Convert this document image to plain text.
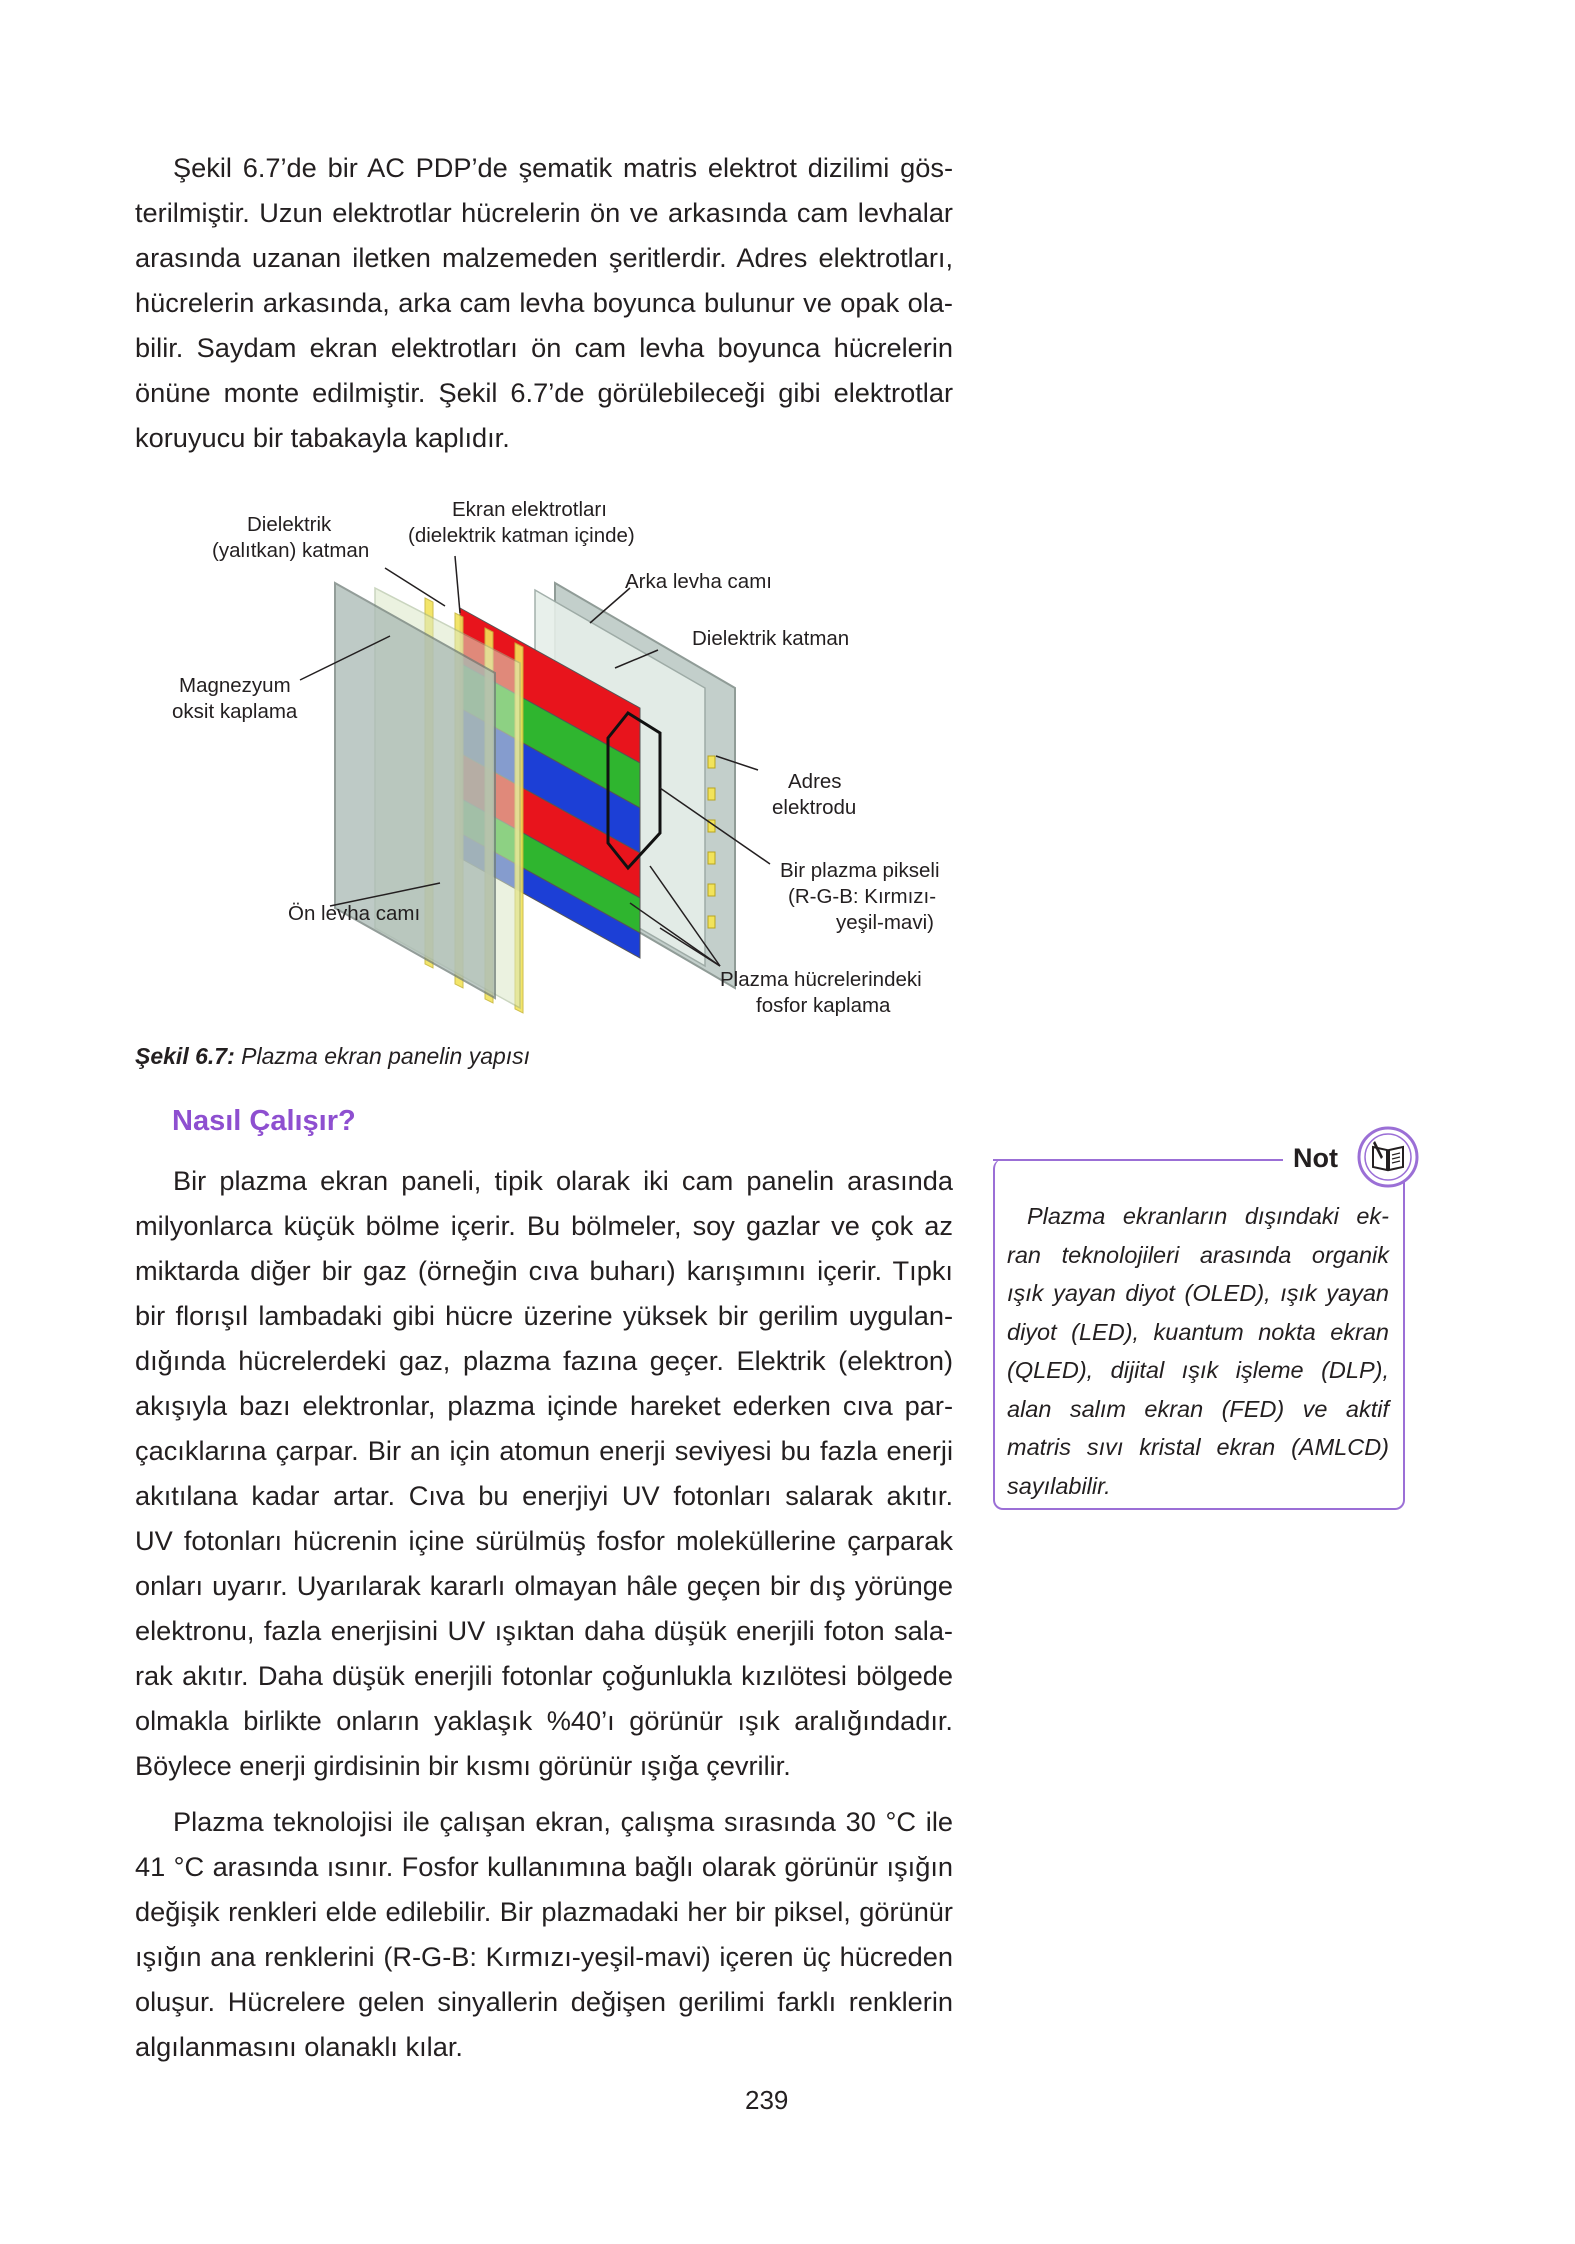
Şekil 6.7’de bir AC PDP’de şematik matris elektrot dizilimi gös-
terilmiştir. Uzun elektrotlar hücrelerin ön ve arkasında cam levhalar
arasında uzanan iletken malzemeden şeritlerdir. Adres elektrotları,
hücrelerin arkasında, arka cam levha boyunca bulunur ve opak ola-
bilir. Saydam ekran elektrotları ön cam levha boyunca hücrelerin
önüne monte edilmiştir. Şekil 6.7’de görülebileceği gibi elektrotlar
koruyucu bir tabakayla kaplıdır.
Dielektrik
(yalıtkan) katman
Ekran elektrotları
(dielektrik katman içinde)
Arka levha camı
Dielektrik katman
Magnezyum
oksit kaplama
Adres
elektrodu
Bir plazma pikseli
(R-G-B: Kırmızı-
yeşil-mavi)
Ön levha camı
Plazma hücrelerindeki
fosfor kaplama
Şekil 6.7: Plazma ekran panelin yapısı
Nasıl Çalışır?
Bir plazma ekran paneli, tipik olarak iki cam panelin arasında
milyonlarca küçük bölme içerir. Bu bölmeler, soy gazlar ve çok az
miktarda diğer bir gaz (örneğin cıva buharı) karışımını içerir. Tıpkı
bir florışıl lambadaki gibi hücre üzerine yüksek bir gerilim uygulan-
dığında hücrelerdeki gaz, plazma fazına geçer. Elektrik (elektron)
akışıyla bazı elektronlar, plazma içinde hareket ederken cıva par-
çacıklarına çarpar. Bir an için atomun enerji seviyesi bu fazla enerji
akıtılana kadar artar. Cıva bu enerjiyi UV fotonları salarak akıtır.
UV fotonları hücrenin içine sürülmüş fosfor moleküllerine çarparak
onları uyarır. Uyarılarak kararlı olmayan hâle geçen bir dış yörünge
elektronu, fazla enerjisini UV ışıktan daha düşük enerjili foton sala-
rak akıtır. Daha düşük enerjili fotonlar çoğunlukla kızılötesi bölgede
olmakla birlikte onların yaklaşık %40’ı görünür ışık aralığındadır.
Böylece enerji girdisinin bir kısmı görünür ışığa çevrilir.
Plazma teknolojisi ile çalışan ekran, çalışma sırasında 30 °C ile
41 °C arasında ısınır. Fosfor kullanımına bağlı olarak görünür ışığın
değişik renkleri elde edilebilir. Bir plazmadaki her bir piksel, görünür
ışığın ana renklerini (R-G-B: Kırmızı-yeşil-mavi) içeren üç hücreden
oluşur. Hücrelere gelen sinyallerin değişen gerilimi farklı renklerin
algılanmasını olanaklı kılar.
Not
Plazma ekranların dışındaki ek-
ran teknolojileri arasında organik
ışık yayan diyot (OLED), ışık yayan
diyot (LED), kuantum nokta ekran
(QLED), dijital ışık işleme (DLP),
alan salım ekran (FED) ve aktif
matris sıvı kristal ekran (AMLCD)
sayılabilir.
239
